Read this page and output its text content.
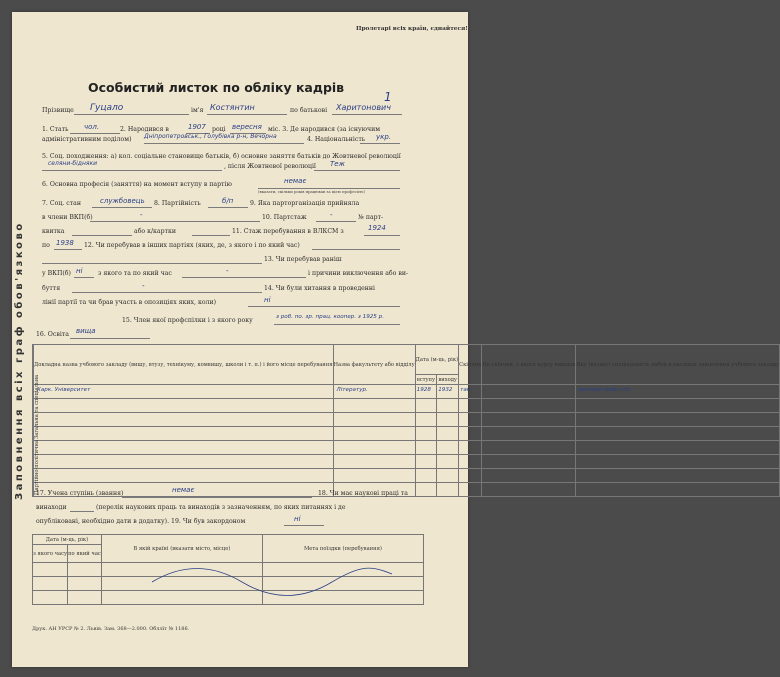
Пролетарі всіх країн, єднайтеся!
1
Особистий листок по обліку кадрів
Заповнення всіх граф обов'язково
Прізвище Гуцало	ім'я Костянтин	по батькові Харитонович
1. Стать чол.	2. Народився в	1907 році вересня міс. 3. Де народився (за існуючим
адміністративним поділом) Дніпропетровськ., Голубівка р-н, Вечорна	4. Національність укр.
5. Соц. походження: а) кол. соціальне становище батьків, б) основне заняття батьків до Жовтневої революції
селяни-бідняки	, після Жовтневої революції Теж
6. Основна професія (заняття) на момент вступу в партію	немає
(вказати, скільки років працював за цією професією)
7. Соц. стан	службовець 8. Партійність	б/п	9. Яка парторганізація прийняла
в члени ВКП(б)	-	10. Партстаж	-	№ парт-
квитка	або к/картки	11. Стаж перебування в ВЛКСМ з	1924
по 1938 12. Чи перебував в інших партіях (яких, де, з якого і по який час)
13. Чи перебував раніш
у ВКП(б) ні з якого та по який час	-	і причини виключення або ви-
буття	-	14. Чи були хитання в проведенні
лінії партії та чи брав участь в опозиціях яких, коли)	ні
15. Член якої профспілки і з якого року	з роб. по. зр. прац. коопер. з 1925 р.
16. Освіта вища
	Докладна назва учбового закладу (вишу, втузу, технікуму, комвишу, школи і т. п.) і його місце перебування	Назва факультету або відділу	Дата (м-ць, рік)		Скінчив	Не скінчив, з якого курсу вийшов	Яку (вузьку) спеціальність набув в наслідок закінчення учбового закладу
		вступу	виходу			

Загальна та спеціальна	Харк. Університет	Літератур.	1928	1932	так	-	викладач мови і літ.

Партійно-політична						

17. Учена ступінь (звання)	немає	18. Чи має наукові праці та
винаходи	(перелік наукових праць та винаходів з зазначенням, по яких питаннях і де
опубліковані, необхідно дати в додатку). 19. Чи був закордоном	ні
Дата (м-ць, рік)		В якій країні (вказати місто, місце)	Мета поїздки (перебування)
з якого часу	по який час		

Друк. АН УРСР № 2. Львів. Зам. 368—2.000. Обллїт № 1186.
